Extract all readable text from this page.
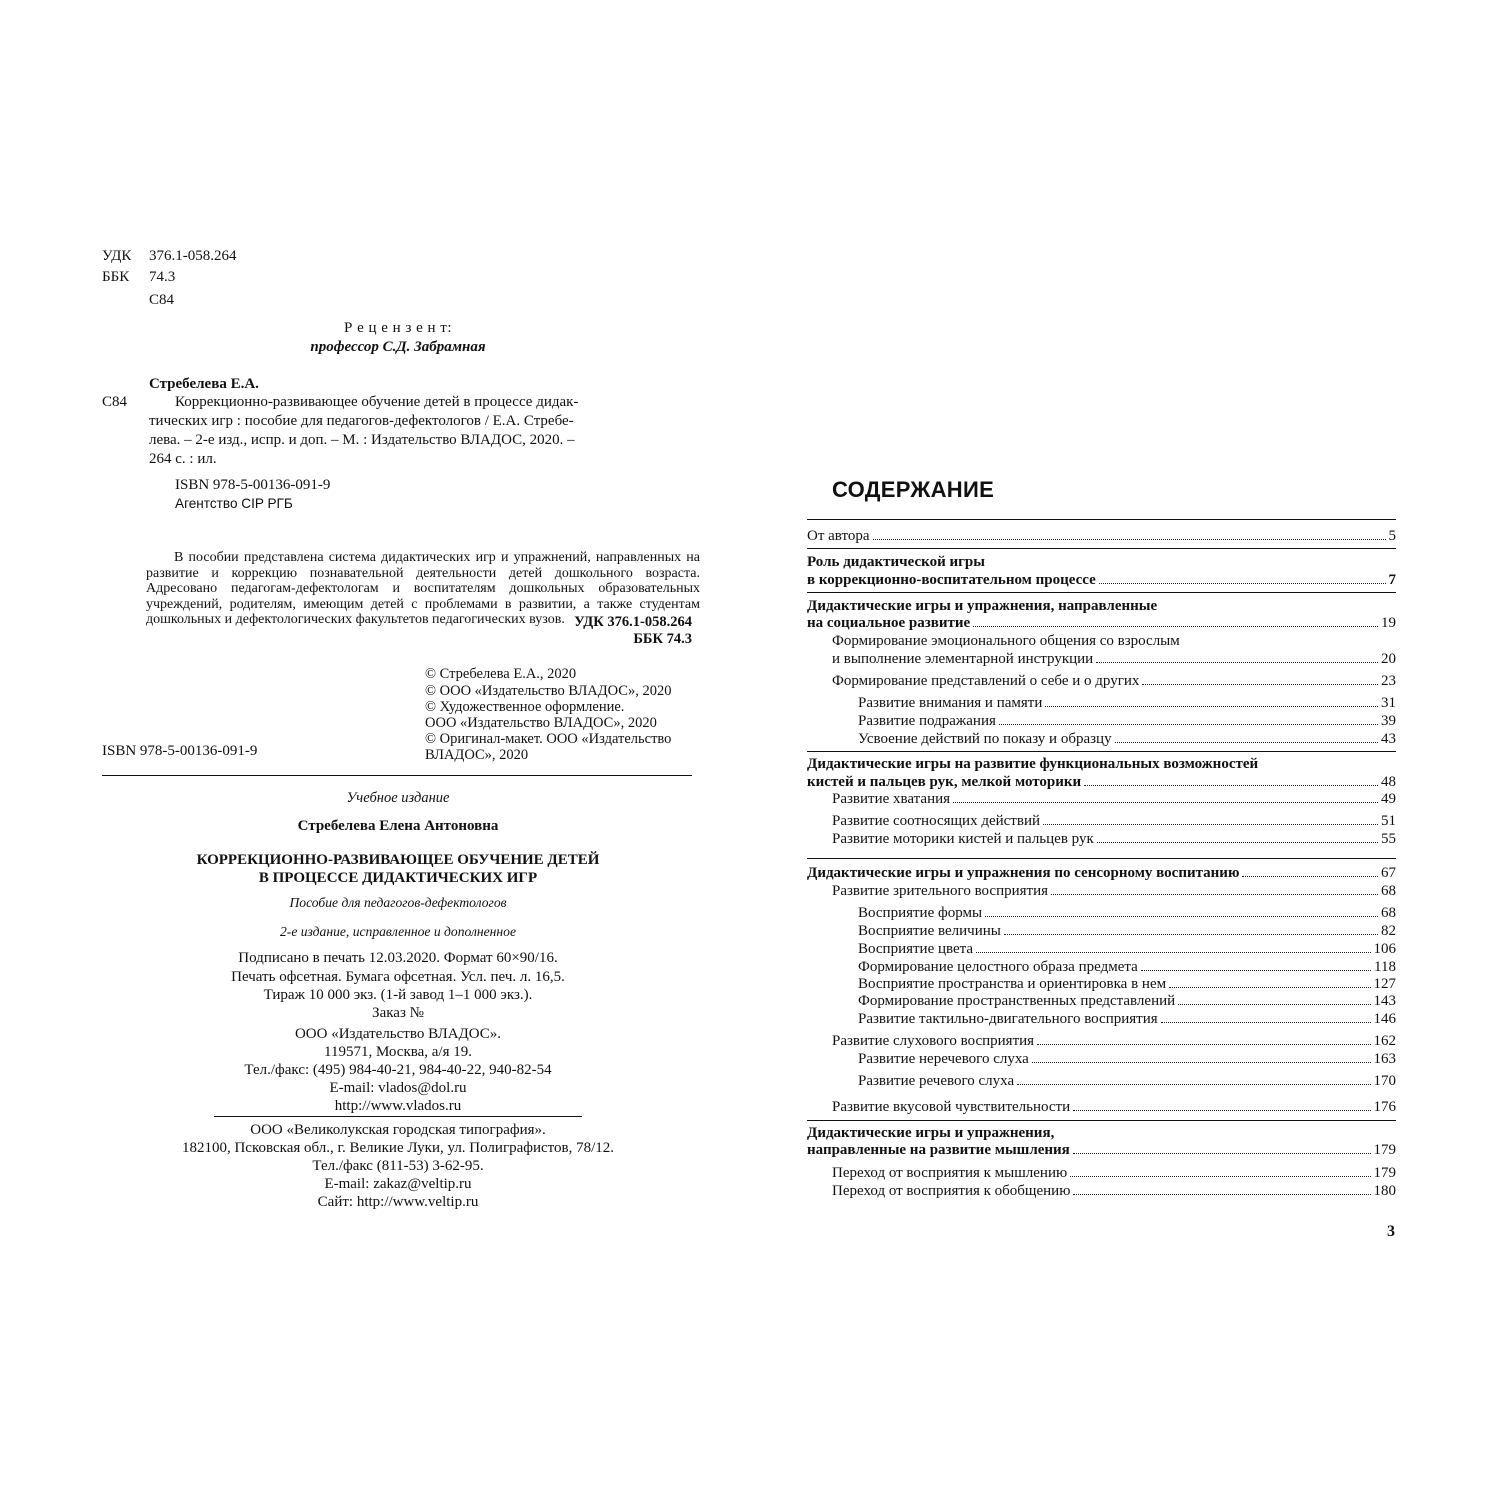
УДК 376.1-058.264
ББК 74.3
С84
Р е ц е н з е н т:
профессор С.Д. Забрамная
Стребелева Е.А.
С84	Коррекционно-развивающее обучение детей в процессе дидак-
тических игр : пособие для педагогов-дефектологов / Е.А. Стребе-
лева. – 2-е изд., испр. и доп. – М. : Издательство ВЛАДОС, 2020. –
264 с. : ил.
ISBN 978-5-00136-091-9
Агентство CIP РГБ
В пособии представлена система дидактических игр и упражнений, направленных на развитие и коррекцию познавательной деятельности детей дошкольного возраста. Адресовано педагогам-дефектологам и воспитателям дошкольных образовательных учреждений, родителям, имеющим детей с проблемами в развитии, а также студентам дошкольных и дефектологических факультетов педагогических вузов. УДК 376.1-058.264
ББК 74.3
© Стребелева Е.А., 2020
© ООО «Издательство ВЛАДОС», 2020
© Художественное оформление.
ООО «Издательство ВЛАДОС», 2020
© Оригинал-макет. ООО «Издательство
ВЛАДОС», 2020
ISBN 978-5-00136-091-9
Учебное издание
Стребелева Елена Антоновна
КОРРЕКЦИОННО-РАЗВИВАЮЩЕЕ ОБУЧЕНИЕ ДЕТЕЙ
В ПРОЦЕССЕ ДИДАКТИЧЕСКИХ ИГР
Пособие для педагогов-дефектологов
2-е издание, исправленное и дополненное
Подписано в печать 12.03.2020. Формат 60×90/16.
Печать офсетная. Бумага офсетная. Усл. печ. л. 16,5.
Тираж 10 000 экз. (1-й завод 1–1 000 экз.).
Заказ №
ООО «Издательство ВЛАДОС».
119571, Москва, а/я 19.
Тел./факс: (495) 984-40-21, 984-40-22, 940-82-54
E-mail: vlados@dol.ru
http://www.vlados.ru
ООО «Великолукская городская типография».
182100, Псковская обл., г. Великие Луки, ул. Полиграфистов, 78/12.
Тел./факс (811-53) 3-62-95.
E-mail: zakaz@veltip.ru
Сайт: http://www.veltip.ru
СОДЕРЖАНИЕ
От автора	5
Роль дидактической игры
в коррекционно-воспитательном процессе	7
Дидактические игры и упражнения, направленные
на социальное развитие	19
Формирование эмоционального общения со взрослым
и выполнение элементарной инструкции	20
Формирование представлений о себе и о других	23
Развитие внимания и памяти	31
Развитие подражания	39
Усвоение действий по показу и образцу	43
Дидактические игры на развитие функциональных возможностей
кистей и пальцев рук, мелкой моторики	48
Развитие хватания	49
Развитие соотносящих действий	51
Развитие моторики кистей и пальцев рук	55
Дидактические игры и упражнения по сенсорному воспитанию	67
Развитие зрительного восприятия	68
Восприятие формы	68
Восприятие величины	82
Восприятие цвета	106
Формирование целостного образа предмета	118
Восприятие пространства и ориентировка в нем	127
Формирование пространственных представлений	143
Развитие тактильно-двигательного восприятия	146
Развитие слухового восприятия	162
Развитие неречевого слуха	163
Развитие речевого слуха	170
Развитие вкусовой чувствительности	176
Дидактические игры и упражнения,
направленные на развитие мышления	179
Переход от восприятия к мышлению	179
Переход от восприятия к обобщению	180
3
